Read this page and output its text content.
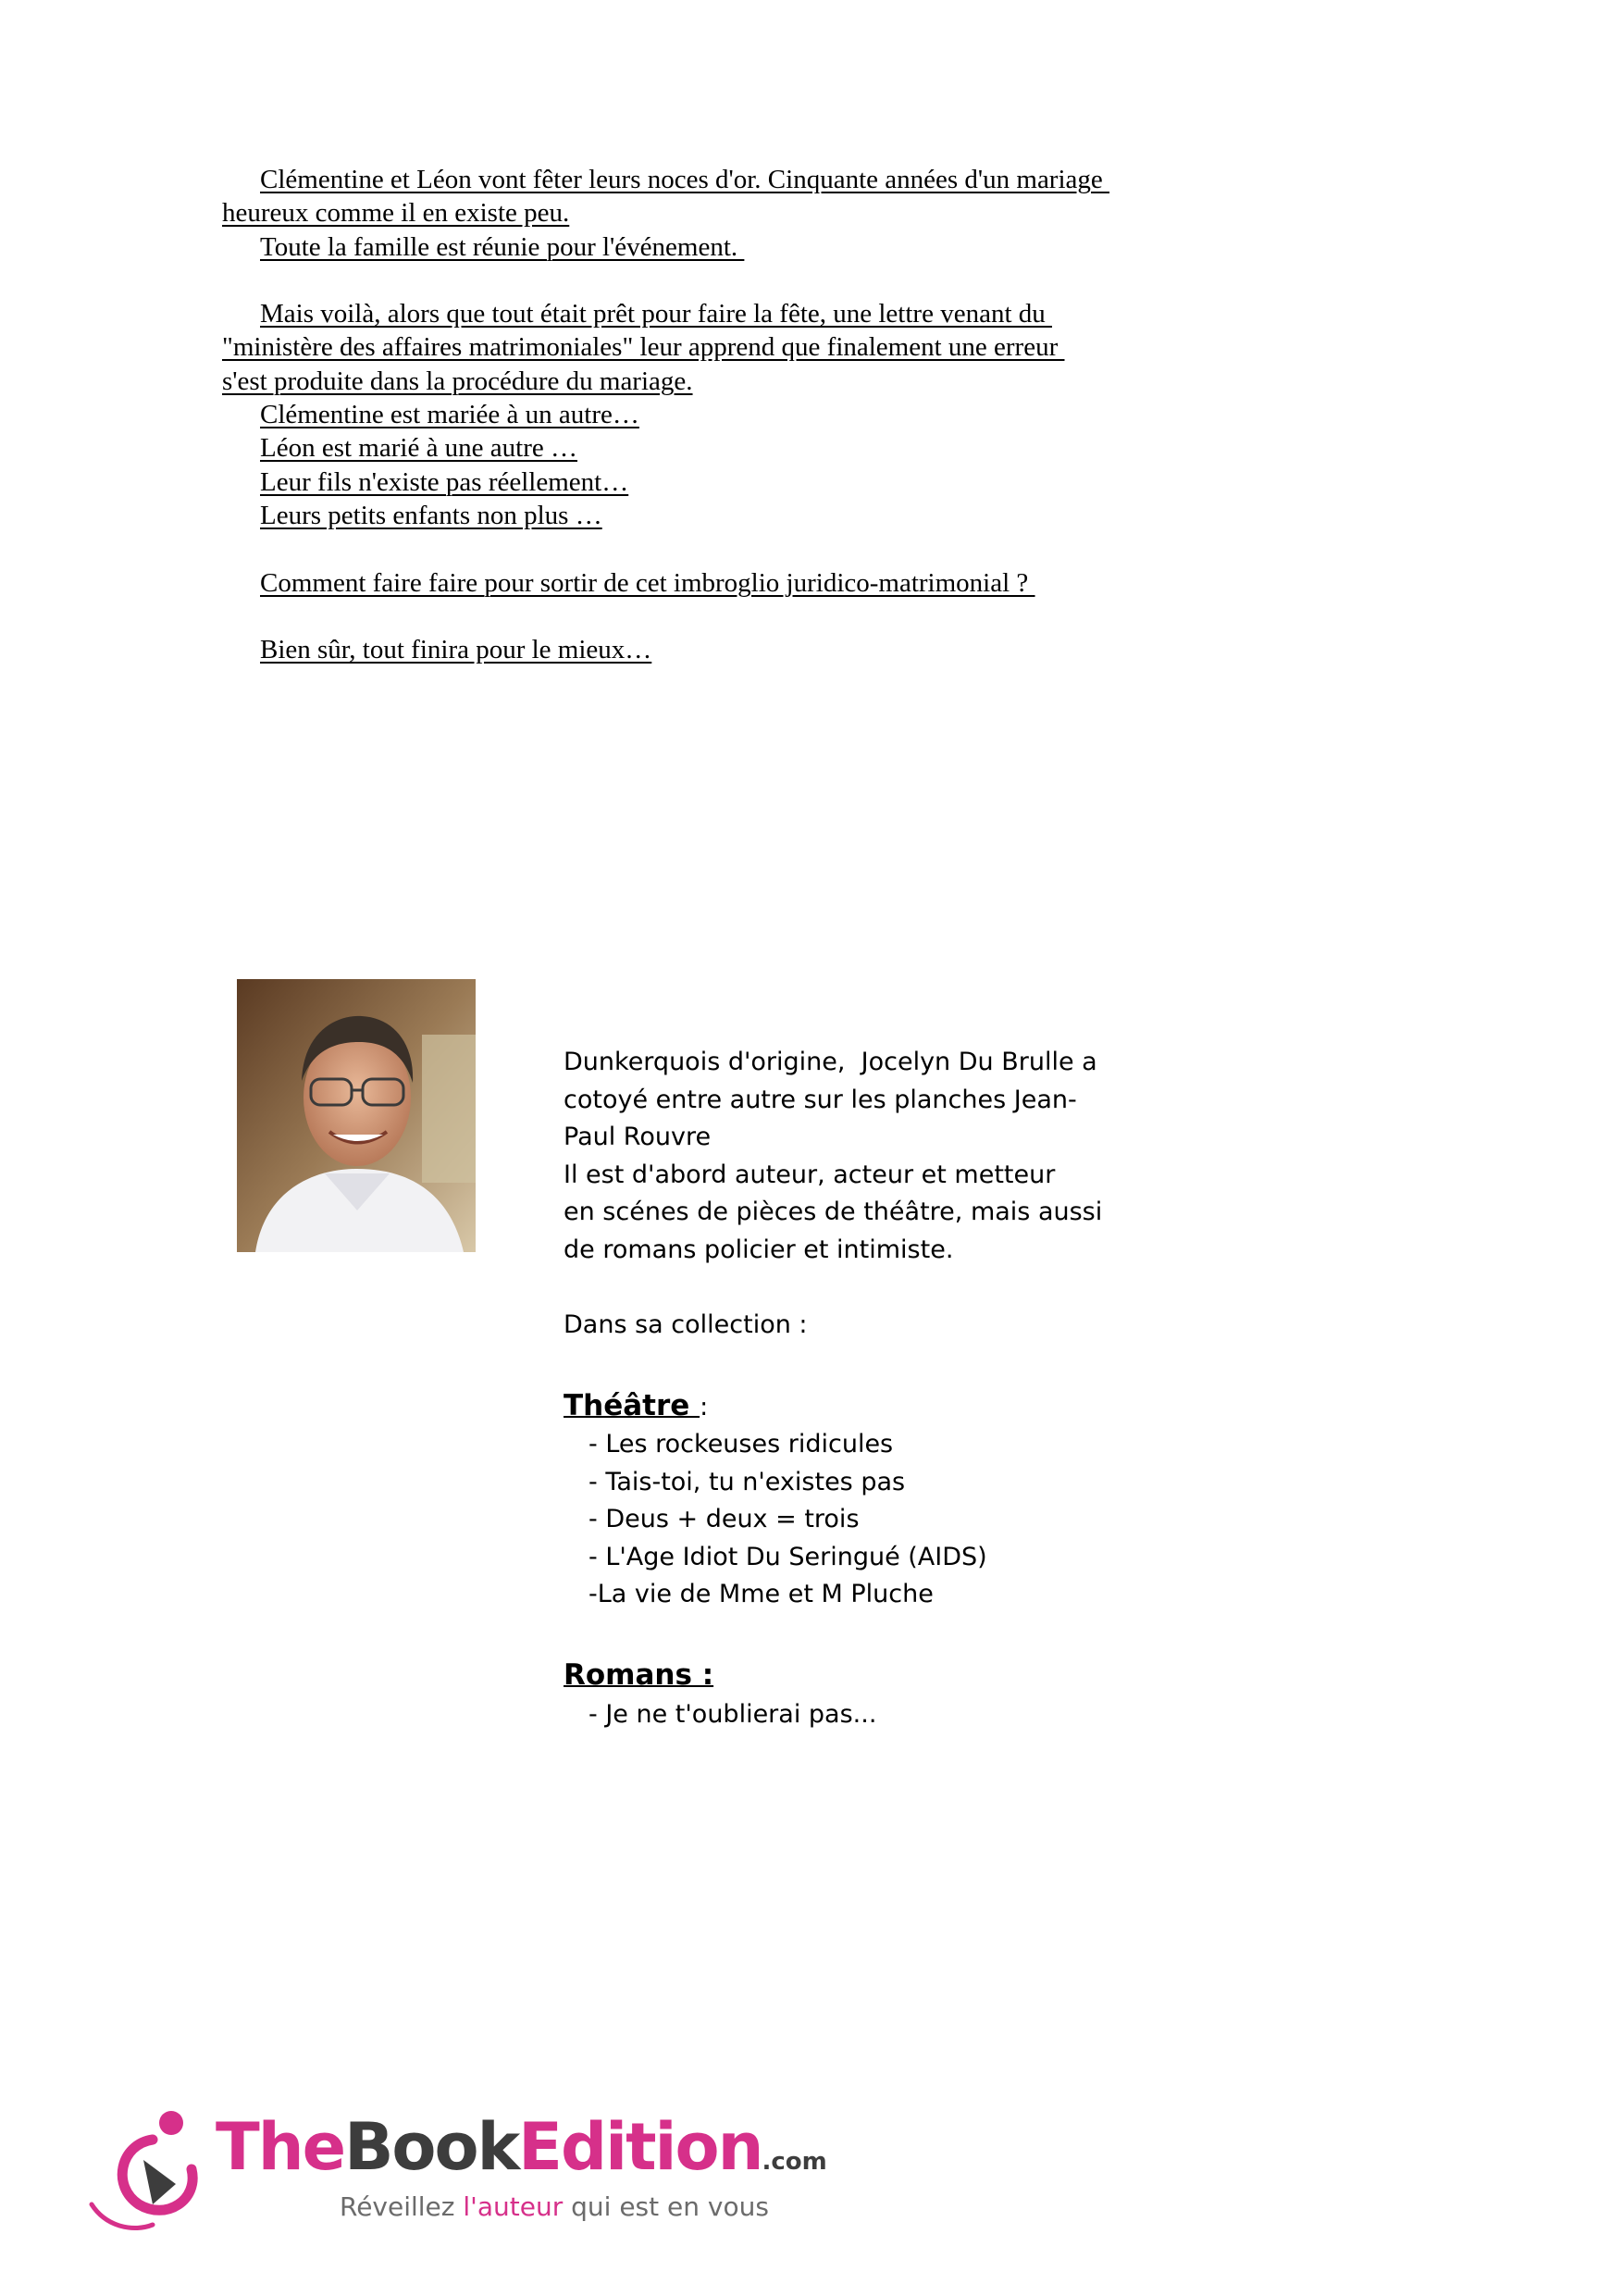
Clémentine et Léon vont fêter leurs noces d'or. Cinquante années d'un mariage
heureux comme il en existe peu.
Toute la famille est réunie pour l'événement.
Mais voilà, alors que tout était prêt pour faire la fête, une lettre venant du
"ministère des affaires matrimoniales" leur apprend que finalement une erreur
s'est produite dans la procédure du mariage.
Clémentine est mariée à un autre…
Léon est marié à une autre …
Leur fils n'existe pas réellement…
Leurs petits enfants non plus …
Comment faire faire pour sortir de cet imbroglio juridico-matrimonial ?
Bien sûr, tout finira pour le mieux…
Dunkerquois d'origine,  Jocelyn Du Brulle a
cotoyé entre autre sur les planches Jean-
Paul Rouvre
Il est d'abord auteur, acteur et metteur
en scénes de pièces de théâtre, mais aussi
de romans policier et intimiste.
Dans sa collection :
Théâtre :
- Les rockeuses ridicules
- Tais-toi, tu n'existes pas
- Deus + deux = trois
- L'Age Idiot Du Seringué (AIDS)
-La vie de Mme et M Pluche
Romans :
- Je ne t'oublierai pas...
TheBookEdition.com
Réveillez l'auteur qui est en vous
